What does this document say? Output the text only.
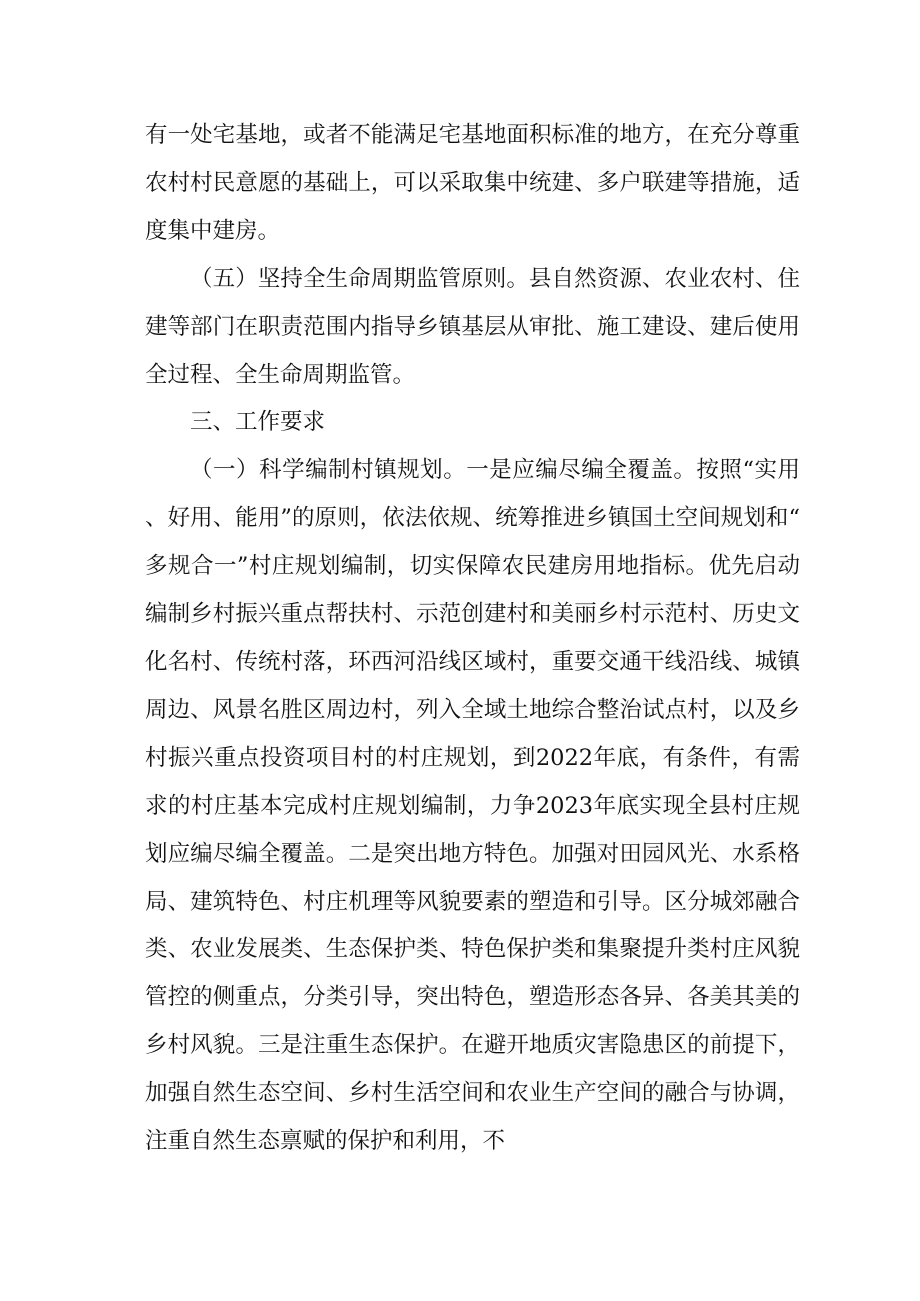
有一处宅基地，或者不能满足宅基地面积标准的地方，在充分尊重农村村民意愿的基础上，可以采取集中统建、多户联建等措施，适度集中建房。

（五）坚持全生命周期监管原则。县自然资源、农业农村、住建等部门在职责范围内指导乡镇基层从审批、施工建设、建后使用全过程、全生命周期监管。

三、工作要求

（一）科学编制村镇规划。一是应编尽编全覆盖。按照“实用、好用、能用”的原则，依法依规、统筹推进乡镇国土空间规划和“多规合一”村庄规划编制，切实保障农民建房用地指标。优先启动编制乡村振兴重点帮扶村、示范创建村和美丽乡村示范村、历史文化名村、传统村落，环西河沿线区域村，重要交通干线沿线、城镇周边、风景名胜区周边村，列入全域土地综合整治试点村，以及乡村振兴重点投资项目村的村庄规划，到2022年底，有条件，有需求的村庄基本完成村庄规划编制，力争2023年底实现全县村庄规划应编尽编全覆盖。二是突出地方特色。加强对田园风光、水系格局、建筑特色、村庄机理等风貌要素的塑造和引导。区分城郊融合类、农业发展类、生态保护类、特色保护类和集聚提升类村庄风貌管控的侧重点，分类引导，突出特色，塑造形态各异、各美其美的乡村风貌。三是注重生态保护。在避开地质灾害隐患区的前提下，加强自然生态空间、乡村生活空间和农业生产空间的融合与协调，注重自然生态禀赋的保护和利用，不
